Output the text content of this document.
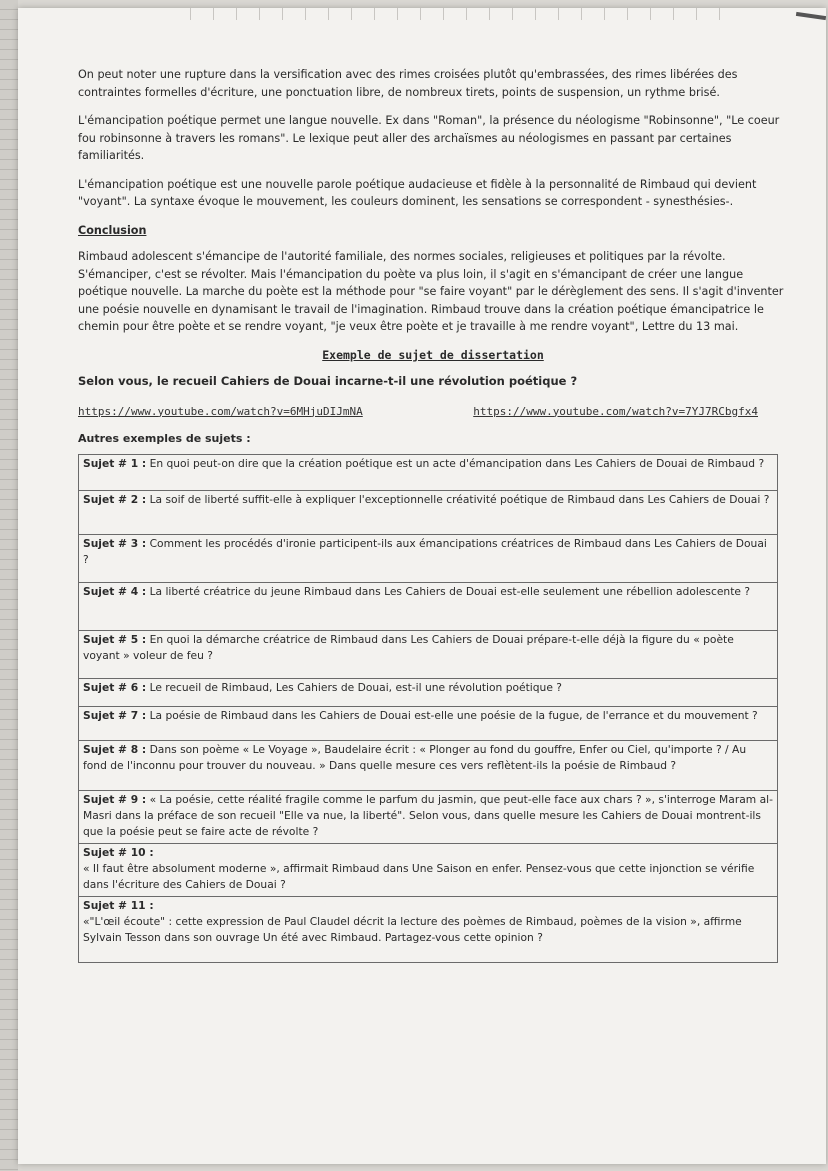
On peut noter une rupture dans la versification avec des rimes croisées plutôt qu'embrassées, des rimes libérées des contraintes formelles d'écriture, une ponctuation libre, de nombreux tirets, points de suspension, un rythme brisé.

L'émancipation poétique permet une langue nouvelle. Ex dans "Roman", la présence du néologisme "Robinsonne", "Le coeur fou robinsonne à travers les romans". Le lexique peut aller des archaïsmes au néologismes en passant par certaines familiarités.

L'émancipation poétique est une nouvelle parole poétique audacieuse et fidèle à la personnalité de Rimbaud qui devient "voyant". La syntaxe évoque le mouvement, les couleurs dominent, les sensations se correspondent - synesthésies-.

Conclusion

Rimbaud adolescent s'émancipe de l'autorité familiale, des normes sociales, religieuses et politiques par la révolte. S'émanciper, c'est se révolter. Mais l'émancipation du poète va plus loin, il s'agit en s'émancipant de créer une langue poétique nouvelle. La marche du poète est la méthode pour "se faire voyant" par le dérèglement des sens. Il s'agit d'inventer une poésie nouvelle en dynamisant le travail de l'imagination. Rimbaud trouve dans la création poétique émancipatrice le chemin pour être poète et se rendre voyant, "je veux être poète et je travaille à me rendre voyant", Lettre du 13 mai.

Exemple de sujet de dissertation
Selon vous, le recueil Cahiers de Douai incarne-t-il une révolution poétique ?
https://www.youtube.com/watch?v=6MHjuDIJmNA	https://www.youtube.com/watch?v=7YJ7RCbgfx4
Autres exemples de sujets :
Sujet # 1 : En quoi peut-on dire que la création poétique est un acte d'émancipation dans Les Cahiers de Douai de Rimbaud ?
Sujet # 2 : La soif de liberté suffit-elle à expliquer l'exceptionnelle créativité poétique de Rimbaud dans Les Cahiers de Douai ?
Sujet # 3 : Comment les procédés d'ironie participent-ils aux émancipations créatrices de Rimbaud dans Les Cahiers de Douai ?
Sujet # 4 : La liberté créatrice du jeune Rimbaud dans Les Cahiers de Douai est-elle seulement une rébellion adolescente ?
Sujet # 5 : En quoi la démarche créatrice de Rimbaud dans Les Cahiers de Douai prépare-t-elle déjà la figure du « poète voyant » voleur de feu ?
Sujet # 6 : Le recueil de Rimbaud, Les Cahiers de Douai, est-il une révolution poétique ?
Sujet # 7 : La poésie de Rimbaud dans les Cahiers de Douai est-elle une poésie de la fugue, de l'errance et du mouvement ?
Sujet # 8 : Dans son poème « Le Voyage », Baudelaire écrit : « Plonger au fond du gouffre, Enfer ou Ciel, qu'importe ? / Au fond de l'inconnu pour trouver du nouveau. » Dans quelle mesure ces vers reflètent-ils la poésie de Rimbaud ?
Sujet # 9 : « La poésie, cette réalité fragile comme le parfum du jasmin, que peut-elle face aux chars ? », s'interroge Maram al-Masri dans la préface de son recueil "Elle va nue, la liberté". Selon vous, dans quelle mesure les Cahiers de Douai montrent-ils que la poésie peut se faire acte de révolte ?
Sujet # 10 :
« Il faut être absolument moderne », affirmait Rimbaud dans Une Saison en enfer. Pensez-vous que cette injonction se vérifie dans l'écriture des Cahiers de Douai ?
Sujet # 11 :
«"L'œil écoute" : cette expression de Paul Claudel décrit la lecture des poèmes de Rimbaud, poèmes de la vision », affirme Sylvain Tesson dans son ouvrage Un été avec Rimbaud. Partagez-vous cette opinion ?
